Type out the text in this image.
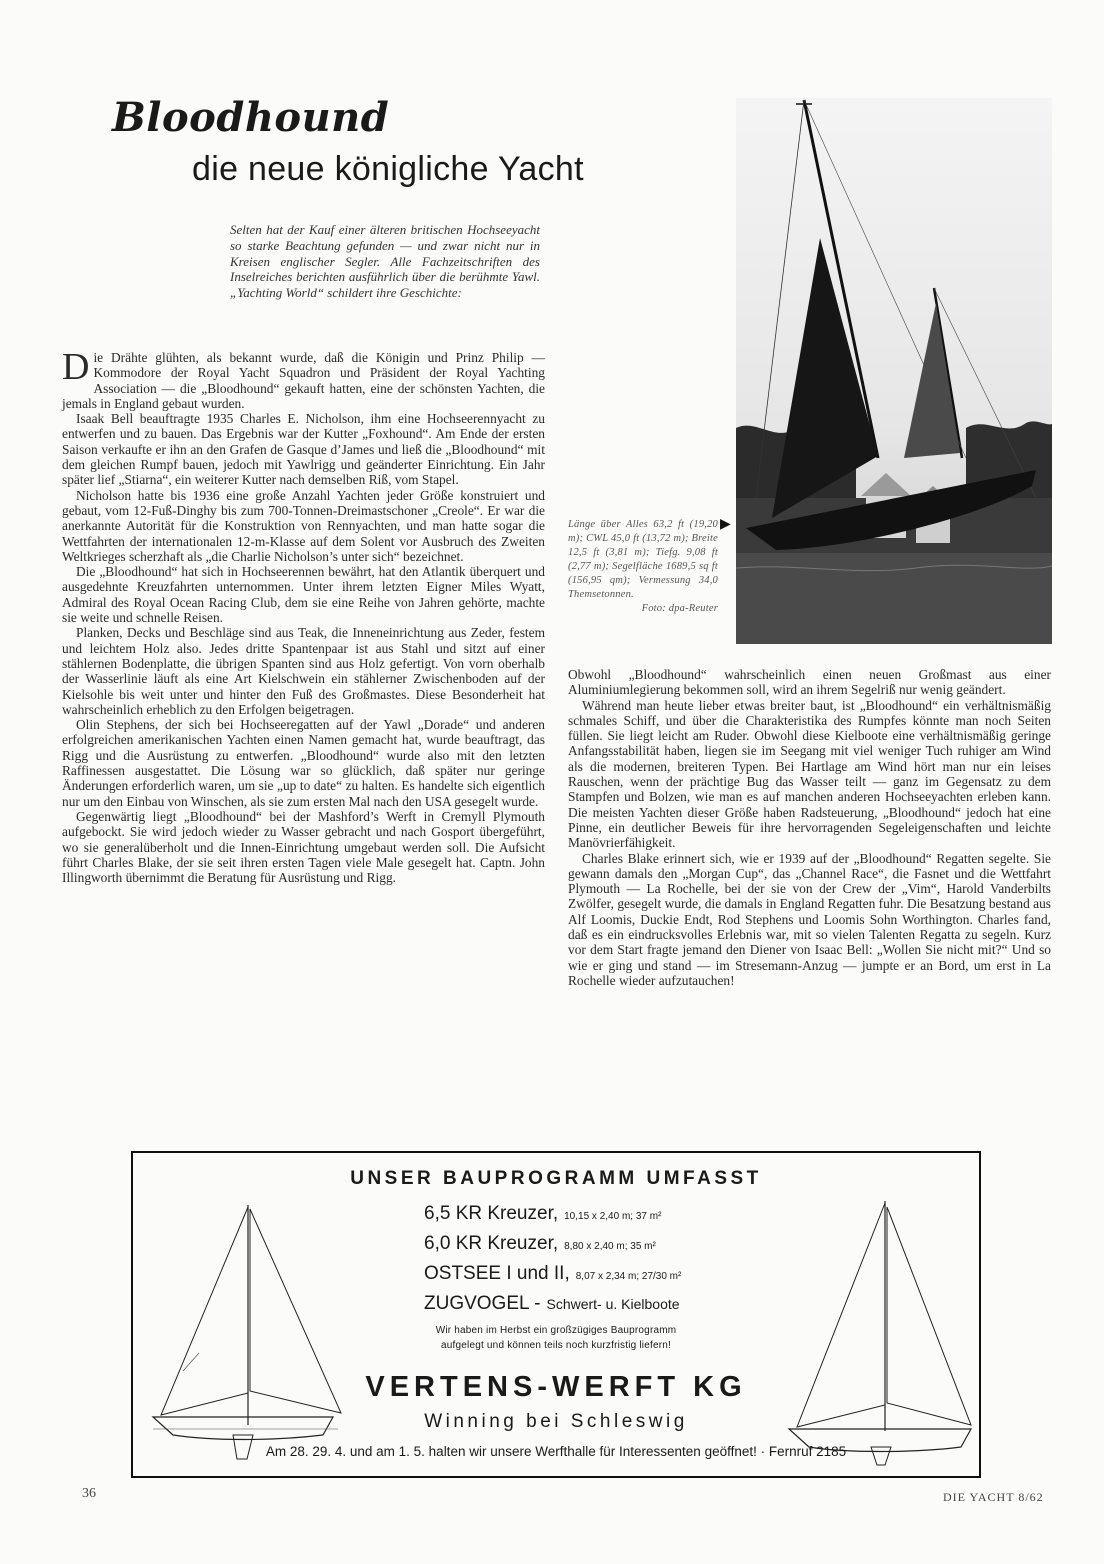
Bloodhound
die neue königliche Yacht

Selten hat der Kauf einer älteren britischen Hochseeyacht so starke Beachtung gefunden — und zwar nicht nur in Kreisen englischer Segler. Alle Fachzeitschriften des Inselreiches berichten ausführlich über die berühmte Yawl. „Yachting World“ schildert ihre Geschichte:

Die Drähte glühten, als bekannt wurde, daß die Königin und Prinz Philip — Kommodore der Royal Yacht Squadron und Präsident der Royal Yachting Association — die „Bloodhound“ gekauft hatten, eine der schönsten Yachten, die jemals in England gebaut wurden.

Isaak Bell beauftragte 1935 Charles E. Nicholson, ihm eine Hochseerennyacht zu entwerfen und zu bauen. Das Ergebnis war der Kutter „Foxhound“. Am Ende der ersten Saison verkaufte er ihn an den Grafen de Gasque d’James und ließ die „Bloodhound“ mit dem gleichen Rumpf bauen, jedoch mit Yawlrigg und geänderter Einrichtung. Ein Jahr später lief „Stiarna“, ein weiterer Kutter nach demselben Riß, vom Stapel.

Nicholson hatte bis 1936 eine große Anzahl Yachten jeder Größe konstruiert und gebaut, vom 12-Fuß-Dinghy bis zum 700-Tonnen-Dreimastschoner „Creole“. Er war die anerkannte Autorität für die Konstruktion von Rennyachten, und man hatte sogar die Wettfahrten der internationalen 12-m-Klasse auf dem Solent vor Ausbruch des Zweiten Weltkrieges scherzhaft als „die Charlie Nicholson’s unter sich“ bezeichnet.

Die „Bloodhound“ hat sich in Hochseerennen bewährt, hat den Atlantik überquert und ausgedehnte Kreuzfahrten unternommen. Unter ihrem letzten Eigner Miles Wyatt, Admiral des Royal Ocean Racing Club, dem sie eine Reihe von Jahren gehörte, machte sie weite und schnelle Reisen.

Planken, Decks und Beschläge sind aus Teak, die Inneneinrichtung aus Zeder, festem und leichtem Holz also. Jedes dritte Spantenpaar ist aus Stahl und sitzt auf einer stählernen Bodenplatte, die übrigen Spanten sind aus Holz gefertigt. Von vorn oberhalb der Wasserlinie läuft als eine Art Kielschwein ein stählerner Zwischenboden auf der Kielsohle bis weit unter und hinter den Fuß des Großmastes. Diese Besonderheit hat wahrscheinlich erheblich zu den Erfolgen beigetragen.

Olin Stephens, der sich bei Hochseeregatten auf der Yawl „Dorade“ und anderen erfolgreichen amerikanischen Yachten einen Namen gemacht hat, wurde beauftragt, das Rigg und die Ausrüstung zu entwerfen. „Bloodhound“ wurde also mit den letzten Raffinessen ausgestattet. Die Lösung war so glücklich, daß später nur geringe Änderungen erforderlich waren, um sie „up to date“ zu halten. Es handelte sich eigentlich nur um den Einbau von Winschen, als sie zum ersten Mal nach den USA gesegelt wurde.

Gegenwärtig liegt „Bloodhound“ bei der Mashford’s Werft in Cremyll Plymouth aufgebockt. Sie wird jedoch wieder zu Wasser gebracht und nach Gosport übergeführt, wo sie generalüberholt und die Innen-Einrichtung umgebaut werden soll. Die Aufsicht führt Charles Blake, der sie seit ihren ersten Tagen viele Male gesegelt hat. Captn. John Illingworth übernimmt die Beratung für Ausrüstung und Rigg.

▶
Länge über Alles 63,2 ft (19,20 m); CWL 45,0 ft (13,72 m); Breite 12,5 ft (3,81 m); Tiefg. 9,08 ft (2,77 m); Segelfläche 1689,5 sq ft (156,95 qm); Vermessung 34,0 Themsetonnen.
Foto: dpa-Reuter

Obwohl „Bloodhound“ wahrscheinlich einen neuen Großmast aus einer Aluminiumlegierung bekommen soll, wird an ihrem Segelriß nur wenig geändert.

Während man heute lieber etwas breiter baut, ist „Bloodhound“ ein verhältnismäßig schmales Schiff, und über die Charakteristika des Rumpfes könnte man noch Seiten füllen. Sie liegt leicht am Ruder. Obwohl diese Kielboote eine verhältnismäßig geringe Anfangsstabilität haben, liegen sie im Seegang mit viel weniger Tuch ruhiger am Wind als die modernen, breiteren Typen. Bei Hartlage am Wind hört man nur ein leises Rauschen, wenn der prächtige Bug das Wasser teilt — ganz im Gegensatz zu dem Stampfen und Bolzen, wie man es auf manchen anderen Hochseeyachten erleben kann. Die meisten Yachten dieser Größe haben Radsteuerung, „Bloodhound“ jedoch hat eine Pinne, ein deutlicher Beweis für ihre hervorragenden Segeleigenschaften und leichte Manövrierfähigkeit.

Charles Blake erinnert sich, wie er 1939 auf der „Bloodhound“ Regatten segelte. Sie gewann damals den „Morgan Cup“, das „Channel Race“, die Fasnet und die Wettfahrt Plymouth — La Rochelle, bei der sie von der Crew der „Vim“, Harold Vanderbilts Zwölfer, gesegelt wurde, die damals in England Regatten fuhr. Die Besatzung bestand aus Alf Loomis, Duckie Endt, Rod Stephens und Loomis Sohn Worthington. Charles fand, daß es ein eindrucksvolles Erlebnis war, mit so vielen Talenten Regatta zu segeln. Kurz vor dem Start fragte jemand den Diener von Isaac Bell: „Wollen Sie nicht mit?“ Und so wie er ging und stand — im Stresemann-Anzug — jumpte er an Bord, um erst in La Rochelle wieder aufzutauchen!

UNSER BAUPROGRAMM UMFASST
6,5 KR Kreuzer, 10,15 x 2,40 m; 37 m²
6,0 KR Kreuzer, 8,80 x 2,40 m; 35 m²
OSTSEE I und II, 8,07 x 2,34 m; 27/30 m²
ZUGVOGEL - Schwert- u. Kielboote

Wir haben im Herbst ein großzügiges Bauprogramm aufgelegt und können teils noch kurzfristig liefern!

VERTENS-WERFT KG

Winning bei Schleswig

Am 28. 29. 4. und am 1. 5. halten wir unsere Werfthalle für Interessenten geöffnet! · Fernruf 2185
36	DIE YACHT 8/62
